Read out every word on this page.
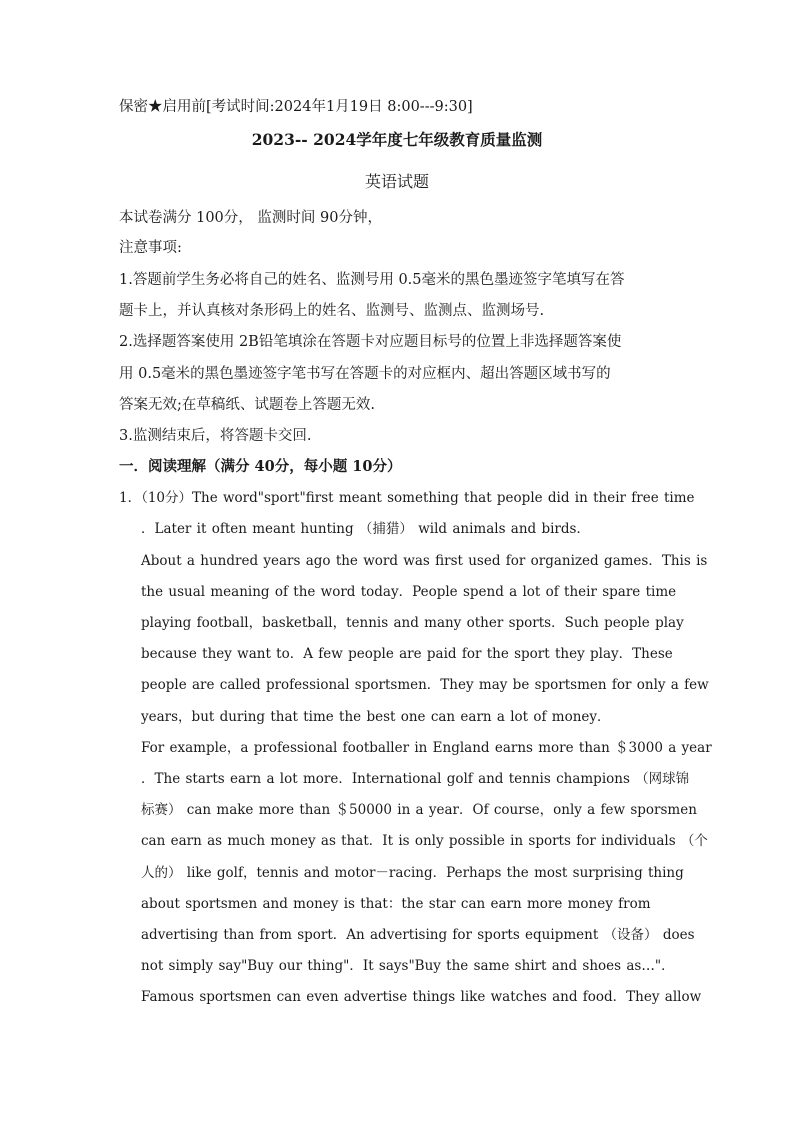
保密★启用前[考试时间:2024年1月19日 8:00---9:30]
2023-- 2024学年度七年级教育质量监测
英语试题
本试卷满分 100分， 监测时间 90分钟，
注意事项:
1.答题前学生务必将自己的姓名、监测号用 0.5毫米的黑色墨迹签字笔填写在答
题卡上，并认真核对条形码上的姓名、监测号、监测点、监测场号.
2.选择题答案使用 2B铅笔填涂在答题卡对应题目标号的位置上非选择题答案使
用 0.5毫米的黑色墨迹签字笔书写在答题卡的对应框内、超出答题区域书写的
答案无效;在草稿纸、试题卷上答题无效.
3.监测结束后，将答题卡交回.
一．阅读理解（满分 40分，每小题 10分）
1．（10分）The word"sport"first meant something that people did in their free time
．Later it often meant hunting （捕猎） wild animals and birds．
About a hundred years ago the word was first used for organized games．This is
the usual meaning of the word today．People spend a lot of their spare time
playing football，basketball，tennis and many other sports．Such people play
because they want to．A few people are paid for the sport they play．These
people are called professional sportsmen．They may be sportsmen for only a few
years，but during that time the best one can earn a lot of money．
For example，a professional footballer in England earns more than ＄3000 a year
．The starts earn a lot more．International golf and tennis champions （网球锦
标赛） can make more than ＄50000 in a year．Of course，only a few sporsmen
can earn as much money as that．It is only possible in sports for individuals （个
人的） like golf，tennis and motor－racing．Perhaps the most surprising thing
about sportsmen and money is that：the star can earn more money from
advertising than from sport．An advertising for sports equipment （设备） does
not simply say"Buy our thing"．It says"Buy the same shirt and shoes as…"．
Famous sportsmen can even advertise things like watches and food．They allow
